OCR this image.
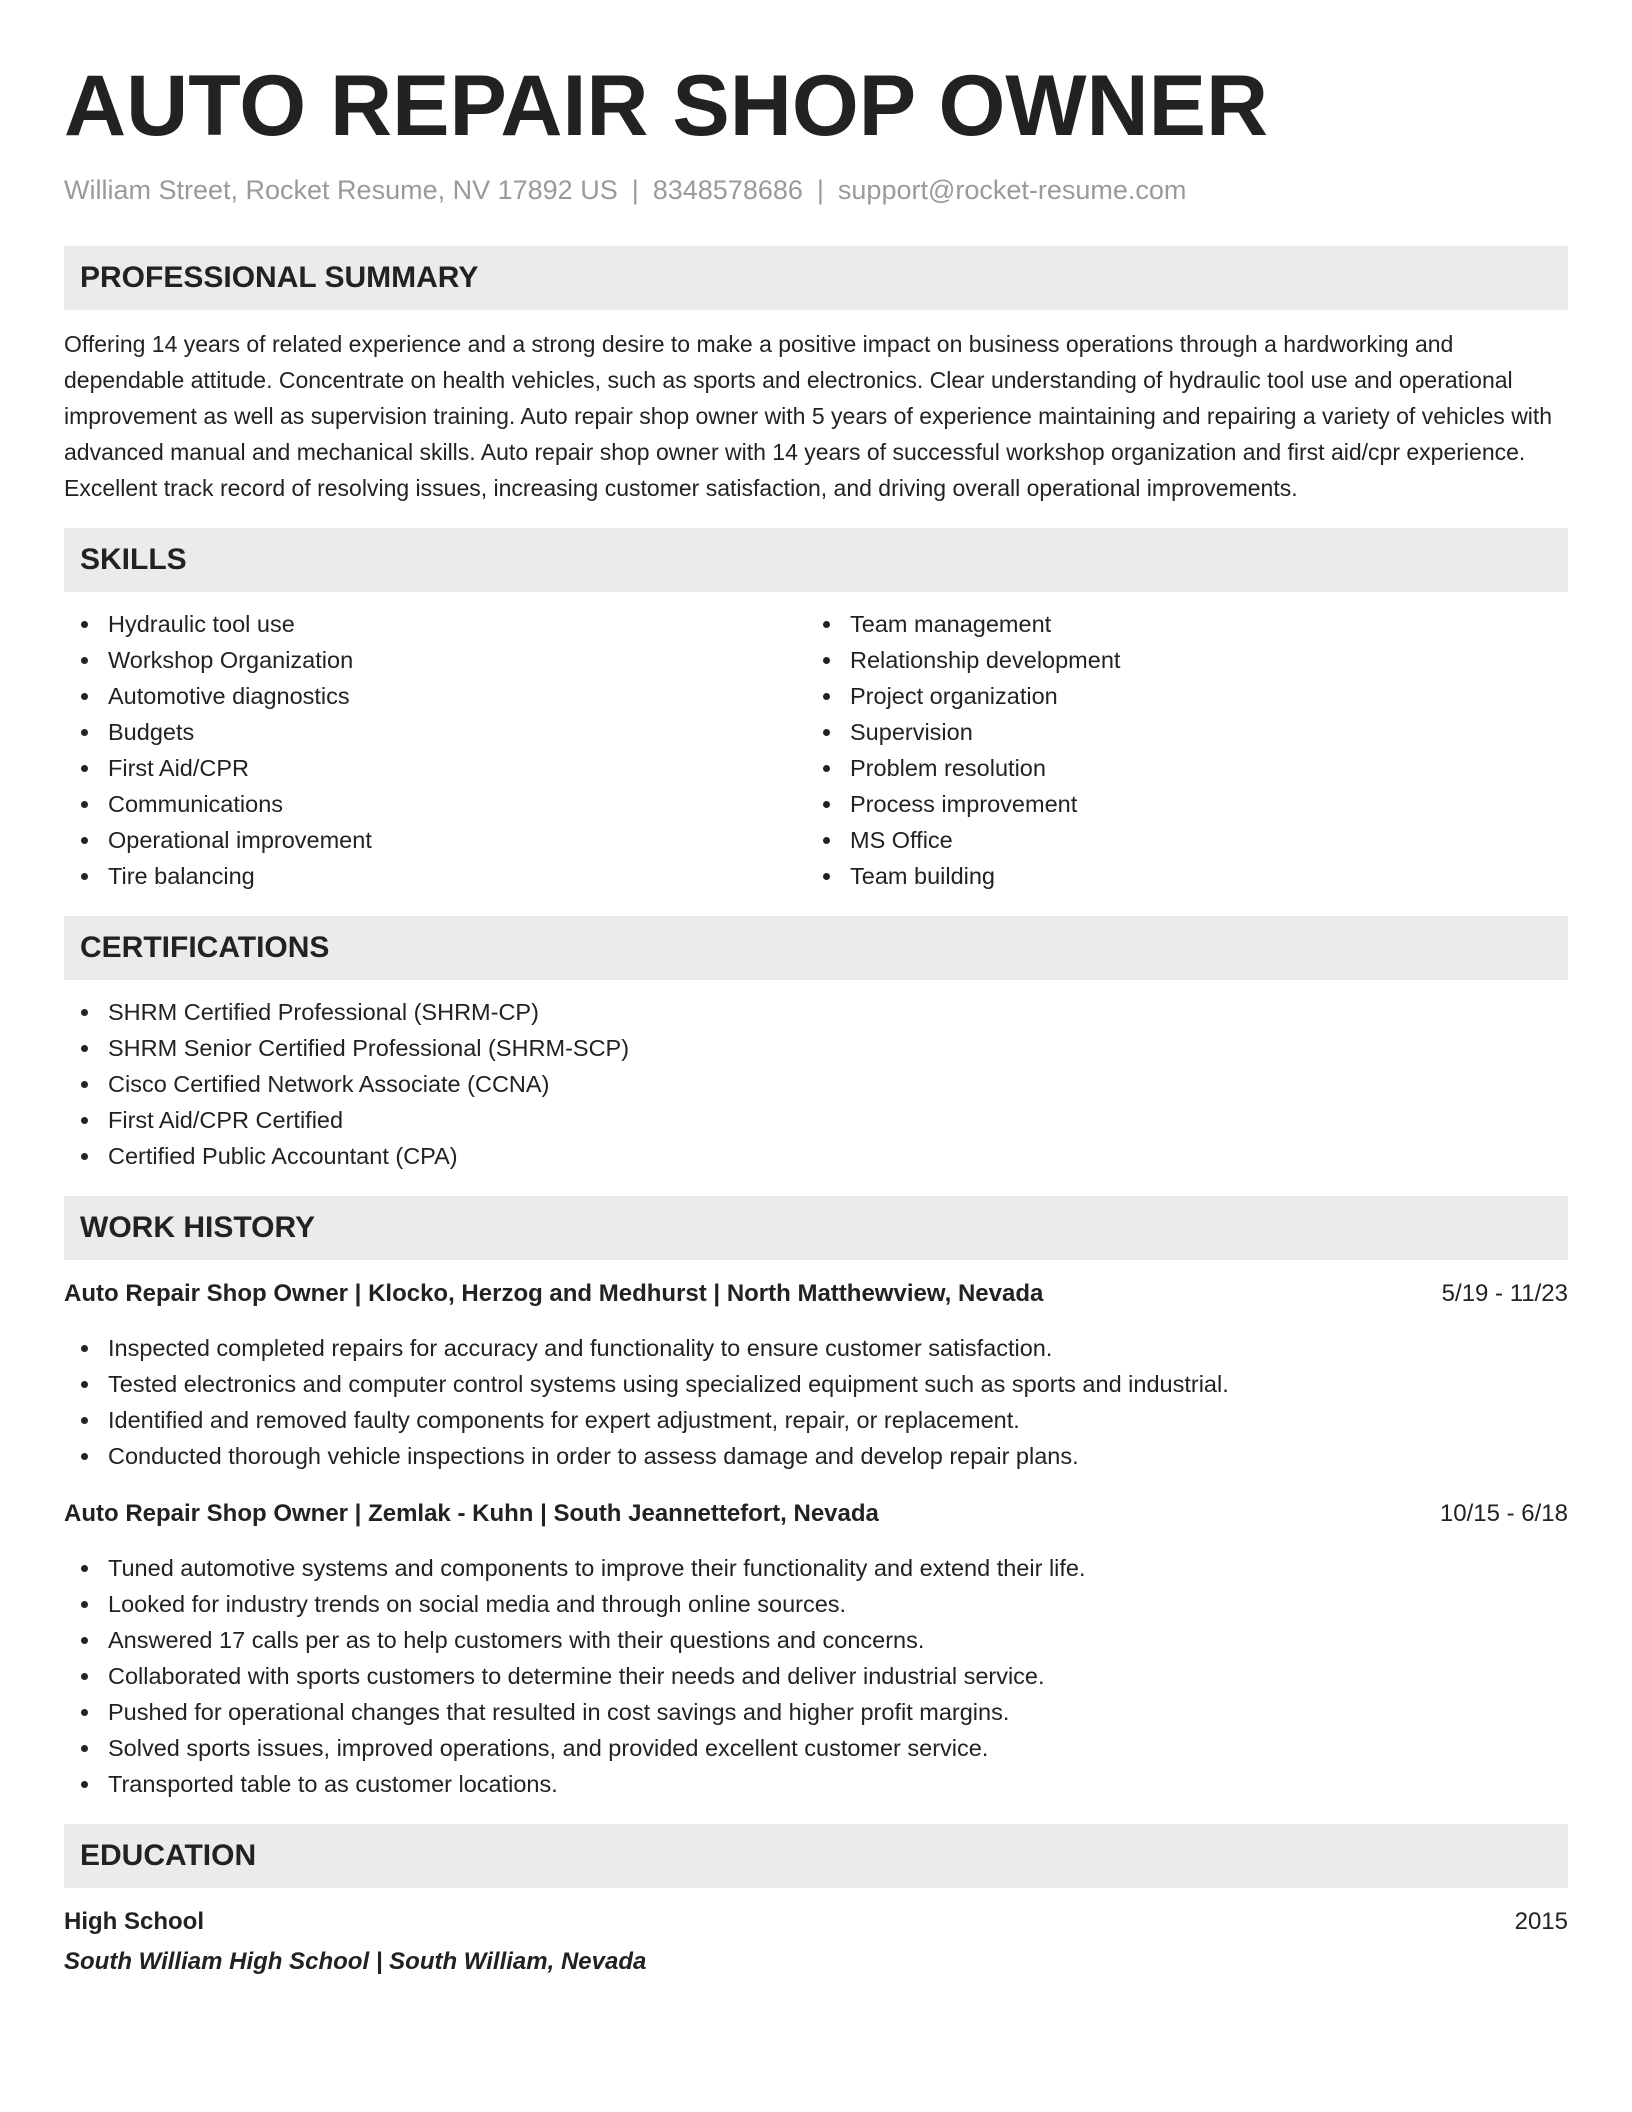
AUTO REPAIR SHOP OWNER
William Street, Rocket Resume, NV 17892 US | 8348578686 | support@rocket-resume.com
PROFESSIONAL SUMMARY

Offering 14 years of related experience and a strong desire to make a positive impact on business operations through a hardworking and dependable attitude. Concentrate on health vehicles, such as sports and electronics. Clear understanding of hydraulic tool use and operational improvement as well as supervision training. Auto repair shop owner with 5 years of experience maintaining and repairing a variety of vehicles with advanced manual and mechanical skills. Auto repair shop owner with 14 years of successful workshop organization and first aid/cpr experience. Excellent track record of resolving issues, increasing customer satisfaction, and driving overall operational improvements.

SKILLS
Hydraulic tool use
Workshop Organization
Automotive diagnostics
Budgets
First Aid/CPR
Communications
Operational improvement
Tire balancing
Team management
Relationship development
Project organization
Supervision
Problem resolution
Process improvement
MS Office
Team building
CERTIFICATIONS
SHRM Certified Professional (SHRM-CP)
SHRM Senior Certified Professional (SHRM-SCP)
Cisco Certified Network Associate (CCNA)
First Aid/CPR Certified
Certified Public Accountant (CPA)
WORK HISTORY
Auto Repair Shop Owner | Klocko, Herzog and Medhurst | North Matthewview, Nevada	5/19 - 11/23
Inspected completed repairs for accuracy and functionality to ensure customer satisfaction.
Tested electronics and computer control systems using specialized equipment such as sports and industrial.
Identified and removed faulty components for expert adjustment, repair, or replacement.
Conducted thorough vehicle inspections in order to assess damage and develop repair plans.
Auto Repair Shop Owner | Zemlak - Kuhn | South Jeannettefort, Nevada	10/15 - 6/18
Tuned automotive systems and components to improve their functionality and extend their life.
Looked for industry trends on social media and through online sources.
Answered 17 calls per as to help customers with their questions and concerns.
Collaborated with sports customers to determine their needs and deliver industrial service.
Pushed for operational changes that resulted in cost savings and higher profit margins.
Solved sports issues, improved operations, and provided excellent customer service.
Transported table to as customer locations.
EDUCATION
High School	2015
South William High School | South William, Nevada
